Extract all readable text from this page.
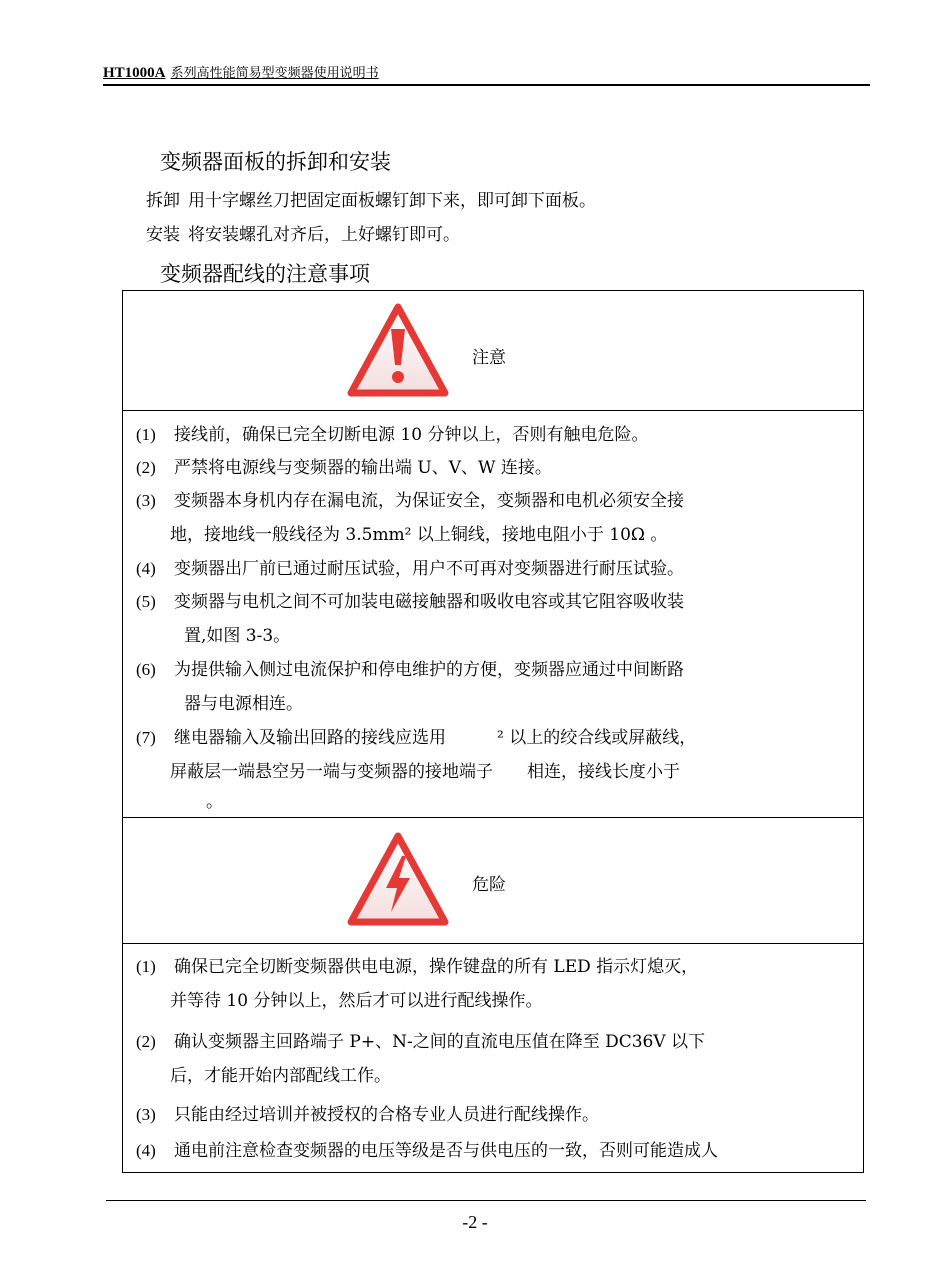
HT1000A 系列高性能简易型变频器使用说明书
变频器面板的拆卸和安装
拆卸 用十字螺丝刀把固定面板螺钉卸下来，即可卸下面板。
安装 将安装螺孔对齐后，上好螺钉即可。
变频器配线的注意事项
注意
(1)	接线前，确保已完全切断电源 10 分钟以上，否则有触电危险。
(2)	严禁将电源线与变频器的输出端 U、V、W 连接。
(3)	变频器本身机内存在漏电流，为保证安全，变频器和电机必须安全接
地，接地线一般线径为 3.5mm² 以上铜线，接地电阻小于 10Ω 。
(4)	变频器出厂前已通过耐压试验，用户不可再对变频器进行耐压试验。
(5)	变频器与电机之间不可加装电磁接触器和吸收电容或其它阻容吸收装
置,如图 3-3。
(6)	为提供输入侧过电流保护和停电维护的方便，变频器应通过中间断路
器与电源相连。
(7)	继电器输入及输出回路的接线应选用　　　² 以上的绞合线或屏蔽线，
屏蔽层一端悬空另一端与变频器的接地端子　　相连，接线长度小于
。
危险
(1)	确保已完全切断变频器供电电源，操作键盘的所有 LED 指示灯熄灭，
并等待 10 分钟以上，然后才可以进行配线操作。
(2)	确认变频器主回路端子 P+、N-之间的直流电压值在降至 DC36V 以下
后，才能开始内部配线工作。
(3)	只能由经过培训并被授权的合格专业人员进行配线操作。
(4)	通电前注意检查变频器的电压等级是否与供电压的一致，否则可能造成人
-2 -
